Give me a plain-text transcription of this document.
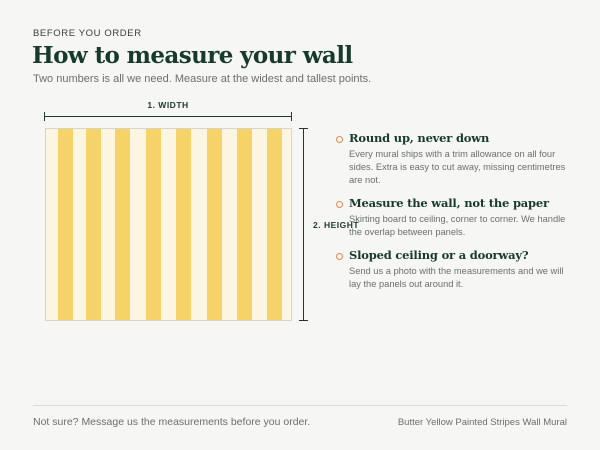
BEFORE YOU ORDER
How to measure your wall
Two numbers is all we need. Measure at the widest and tallest points.
1. WIDTH
2. HEIGHT
Round up, never down
Every mural ships with a trim allowance on all four sides. Extra is easy to cut away, missing centimetres are not.
Measure the wall, not the paper
Skirting board to ceiling, corner to corner. We handle the overlap between panels.
Sloped ceiling or a doorway?
Send us a photo with the measurements and we will lay the panels out around it.
Not sure? Message us the measurements before you order.	Butter Yellow Painted Stripes Wall Mural
